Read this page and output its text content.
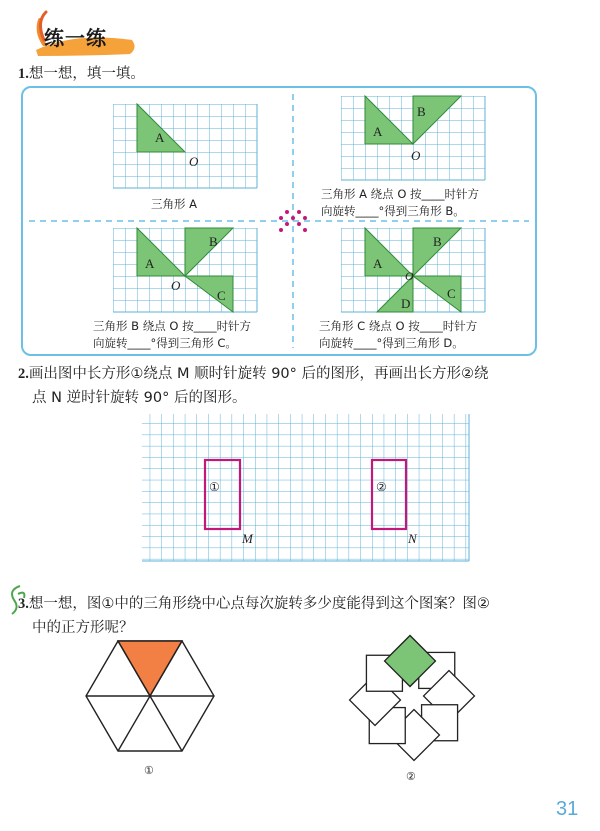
练一练
1.想一想，填一填。
A
O
A
B
O
A
B
C
O
A
B
C
D
O
三角形 A
三角形 A 绕点 O 按____时针方
向旋转____°得到三角形 B。
三角形 B 绕点 O 按____时针方
向旋转____°得到三角形 C。
三角形 C 绕点 O 按____时针方
向旋转____°得到三角形 D。
2.画出图中长方形①绕点 M 顺时针旋转 90° 后的图形，再画出长方形②绕
点 N 逆时针旋转 90° 后的图形。
①	②
M	N
3.想一想，图①中的三角形绕中心点每次旋转多少度能得到这个图案？图②
中的正方形呢？
①	②
31
